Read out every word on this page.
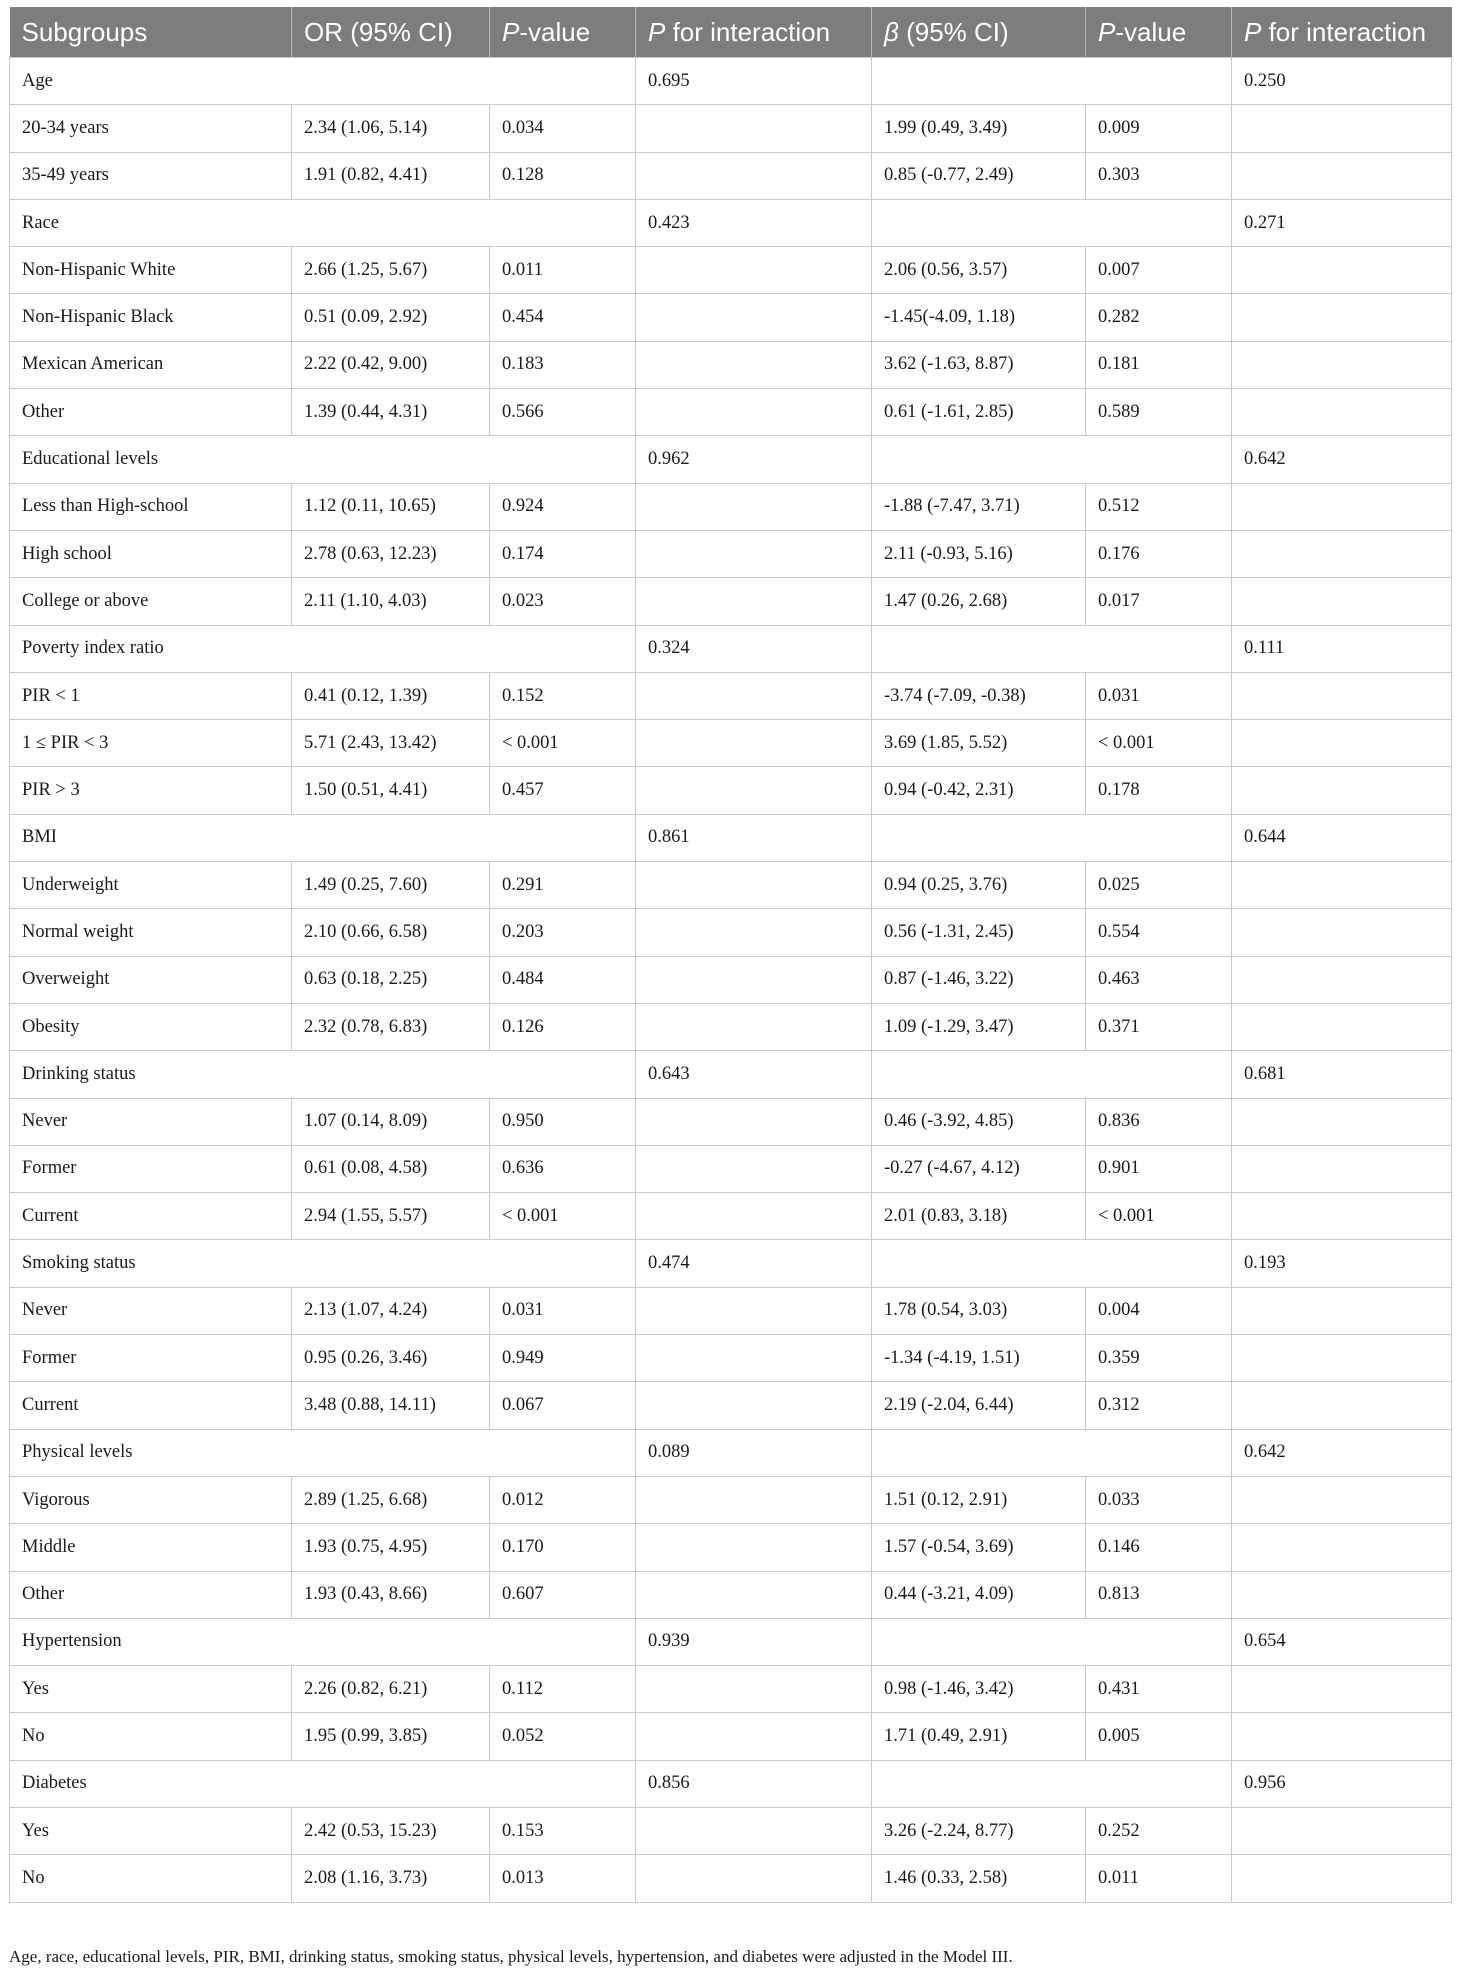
Subgroups	OR (95% CI)	P-value	P for interaction	β (95% CI)	P-value	P for interaction
Age			0.695			0.250
20-34 years	2.34 (1.06, 5.14)	0.034		1.99 (0.49, 3.49)	0.009	
35-49 years	1.91 (0.82, 4.41)	0.128		0.85 (-0.77, 2.49)	0.303	
Race			0.423			0.271
Non-Hispanic White	2.66 (1.25, 5.67)	0.011		2.06 (0.56, 3.57)	0.007	
Non-Hispanic Black	0.51 (0.09, 2.92)	0.454		-1.45(-4.09, 1.18)	0.282	
Mexican American	2.22 (0.42, 9.00)	0.183		3.62 (-1.63, 8.87)	0.181	
Other	1.39 (0.44, 4.31)	0.566		0.61 (-1.61, 2.85)	0.589	
Educational levels			0.962			0.642
Less than High-school	1.12 (0.11, 10.65)	0.924		-1.88 (-7.47, 3.71)	0.512	
High school	2.78 (0.63, 12.23)	0.174		2.11 (-0.93, 5.16)	0.176	
College or above	2.11 (1.10, 4.03)	0.023		1.47 (0.26, 2.68)	0.017	
Poverty index ratio			0.324			0.111
PIR < 1	0.41 (0.12, 1.39)	0.152		-3.74 (-7.09, -0.38)	0.031	
1 ≤ PIR < 3	5.71 (2.43, 13.42)	< 0.001		3.69 (1.85, 5.52)	< 0.001	
PIR > 3	1.50 (0.51, 4.41)	0.457		0.94 (-0.42, 2.31)	0.178	
BMI			0.861			0.644
Underweight	1.49 (0.25, 7.60)	0.291		0.94 (0.25, 3.76)	0.025	
Normal weight	2.10 (0.66, 6.58)	0.203		0.56 (-1.31, 2.45)	0.554	
Overweight	0.63 (0.18, 2.25)	0.484		0.87 (-1.46, 3.22)	0.463	
Obesity	2.32 (0.78, 6.83)	0.126		1.09 (-1.29, 3.47)	0.371	
Drinking status			0.643			0.681
Never	1.07 (0.14, 8.09)	0.950		0.46 (-3.92, 4.85)	0.836	
Former	0.61 (0.08, 4.58)	0.636		-0.27 (-4.67, 4.12)	0.901	
Current	2.94 (1.55, 5.57)	< 0.001		2.01 (0.83, 3.18)	< 0.001	
Smoking status			0.474			0.193
Never	2.13 (1.07, 4.24)	0.031		1.78 (0.54, 3.03)	0.004	
Former	0.95 (0.26, 3.46)	0.949		-1.34 (-4.19, 1.51)	0.359	
Current	3.48 (0.88, 14.11)	0.067		2.19 (-2.04, 6.44)	0.312	
Physical levels			0.089			0.642
Vigorous	2.89 (1.25, 6.68)	0.012		1.51 (0.12, 2.91)	0.033	
Middle	1.93 (0.75, 4.95)	0.170		1.57 (-0.54, 3.69)	0.146	
Other	1.93 (0.43, 8.66)	0.607		0.44 (-3.21, 4.09)	0.813	
Hypertension			0.939			0.654
Yes	2.26 (0.82, 6.21)	0.112		0.98 (-1.46, 3.42)	0.431	
No	1.95 (0.99, 3.85)	0.052		1.71 (0.49, 2.91)	0.005	
Diabetes			0.856			0.956
Yes	2.42 (0.53, 15.23)	0.153		3.26 (-2.24, 8.77)	0.252	
No	2.08 (1.16, 3.73)	0.013		1.46 (0.33, 2.58)	0.011	
Age, race, educational levels, PIR, BMI, drinking status, smoking status, physical levels, hypertension, and diabetes were adjusted in the Model III.
